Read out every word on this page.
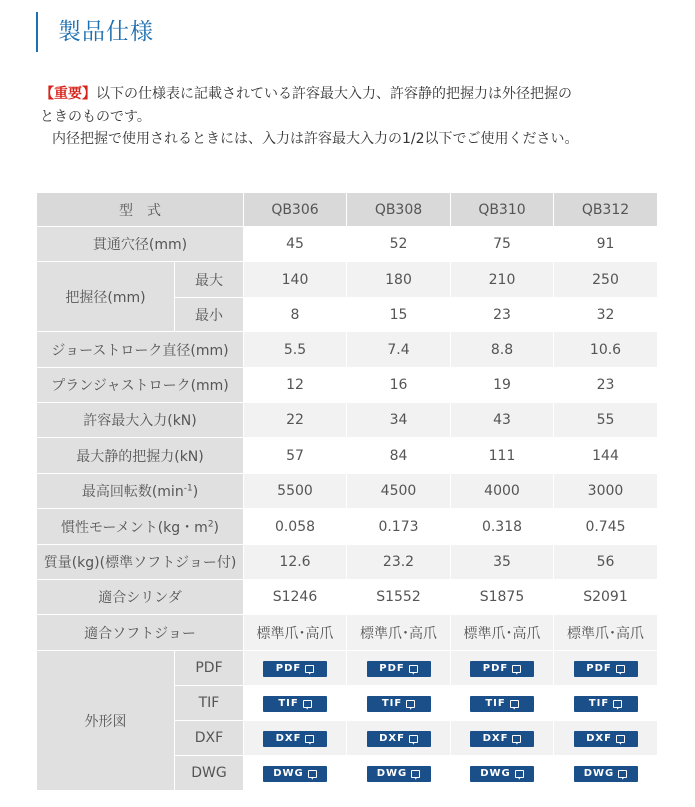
製品仕様
【重要】以下の仕様表に記載されている許容最大入力、許容静的把握力は外径把握の
ときのものです。
内径把握で使用されるときには、入力は許容最大入力の1/2以下でご使用ください。
型　式		QB306	QB308	QB310	QB312
貫通穴径(mm)		45	52	75	91
把握径(mm)	最大	140	180	210	250
	最小	8	15	23	32
ジョーストローク直径(mm)		5.5	7.4	8.8	10.6
プランジャストローク(mm)		12	16	19	23
許容最大入力(kN)		22	34	43	55
最大静的把握力(kN)		57	84	111	144
最高回転数$(\min^{-1})$		5500	4500	4000	3000
慣性モーメント(kg・$m^2$)		0.058	0.173	0.318	0.745
質量(kg)(標準ソフトジョー付)		12.6	23.2	35	56
適合シリンダ		S1246	S1552	S1875	S2091
適合ソフトジョー		標準爪･高爪	標準爪･高爪	標準爪･高爪	標準爪･高爪
外形図	PDF	PDF	PDF	PDF	PDF

	TIF	TIF	TIF	TIF	TIF

	DXF	DXF	DXF	DXF	DXF

	DWG	DWG	DWG	DWG	DWG
